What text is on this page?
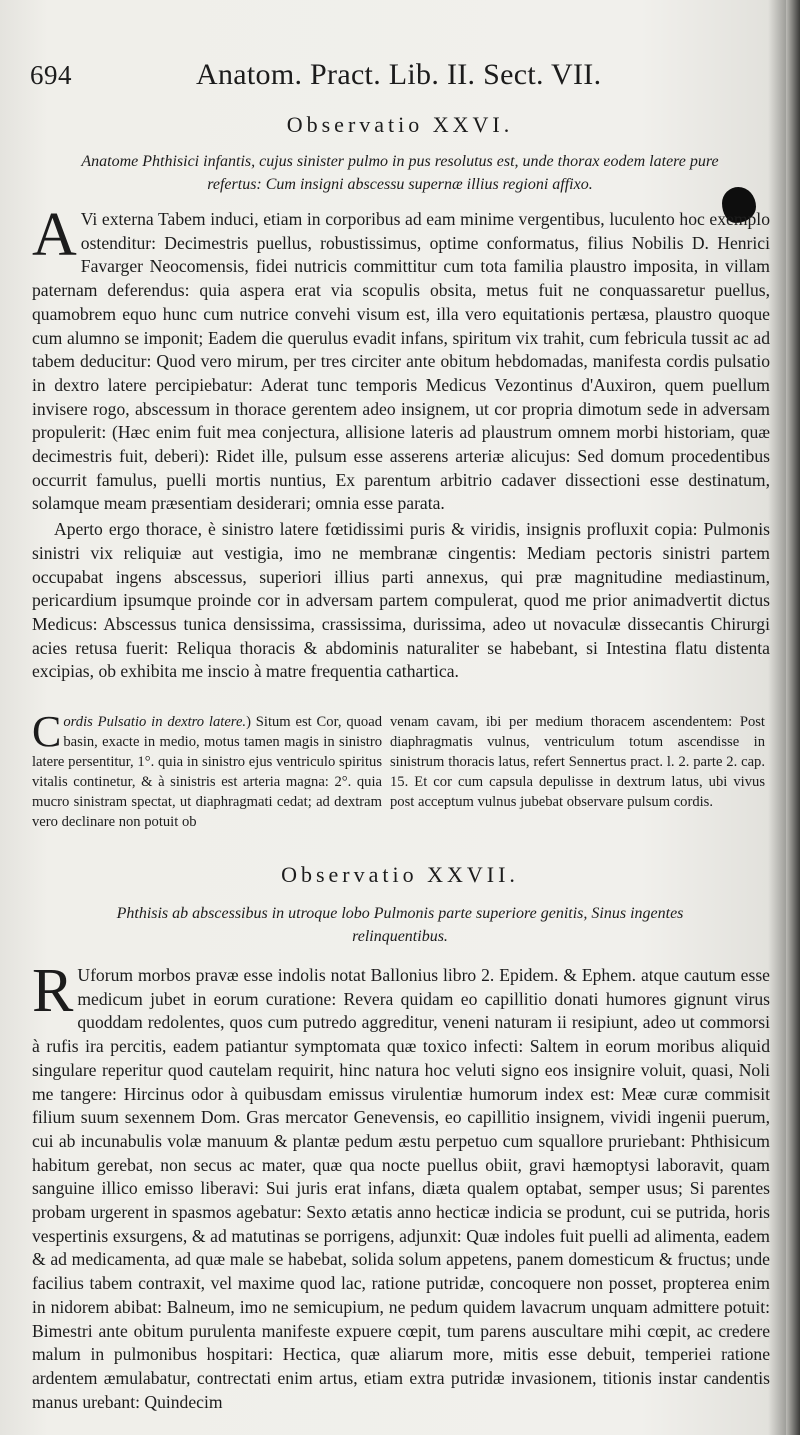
694	Anatom. Pract. Lib. II. Sect. VII.
Observatio XXVI.
Anatome Phthisici infantis, cujus sinister pulmo in pus resolutus est, unde thorax eodem latere pure refertus: Cum insigni abscessu supernæ illius regioni affixo.

A Vi externa Tabem induci, etiam in corporibus ad eam minime vergentibus, luculento hoc exemplo ostenditur: Decimestris puellus, robustissimus, optime conformatus, filius Nobilis D. Henrici Favarger Neocomensis, fidei nutricis committitur cum tota familia plaustro imposita, in villam paternam deferendus: quia aspera erat via scopulis obsita, metus fuit ne conquassaretur puellus, quamobrem equo hunc cum nutrice convehi visum est, illa vero equitationis pertæsa, plaustro quoque cum alumno se imponit; Eadem die querulus evadit infans, spiritum vix trahit, cum febricula tussit ac ad tabem deducitur: Quod vero mirum, per tres circiter ante obitum hebdomadas, manifesta cordis pulsatio in dextro latere percipiebatur: Aderat tunc temporis Medicus Vezontinus d'Auxiron, quem puellum invisere rogo, abscessum in thorace gerentem adeo insignem, ut cor propria dimotum sede in adversam propulerit: (Hæc enim fuit mea conjectura, allisione lateris ad plaustrum omnem morbi historiam, quæ decimestris fuit, deberi): Ridet ille, pulsum esse asserens arteriæ alicujus: Sed domum procedentibus occurrit famulus, puelli mortis nuntius, Ex parentum arbitrio cadaver dissectioni esse destinatum, solamque meam præsentiam desiderari; omnia esse parata.

Aperto ergo thorace, è sinistro latere fœtidissimi puris & viridis, insignis profluxit copia: Pulmonis sinistri vix reliquiæ aut vestigia, imo ne membranæ cingentis: Mediam pectoris sinistri partem occupabat ingens abscessus, superiori illius parti annexus, qui præ magnitudine mediastinum, pericardium ipsumque proinde cor in adversam partem compulerat, quod me prior animadvertit dictus Medicus: Abscessus tunica densissima, crassissima, durissima, adeo ut novaculæ dissecantis Chirurgi acies retusa fuerit: Reliqua thoracis & abdominis naturaliter se habebant, si Intestina flatu distenta excipias, ob exhibita me inscio à matre frequentia cathartica.

Cordis Pulsatio in dextro latere.) Situm est Cor, quoad basin, exacte in medio, motus tamen magis in sinistro latere persentitur, 1°. quia in sinistro ejus ventriculo spiritus vitalis continetur, & à sinistris est arteria magna: 2°. quia mucro sinistram spectat, ut diaphragmati cedat; ad dextram vero declinare non potuit ob
venam cavam, ibi per medium thoracem ascendentem: Post diaphragmatis vulnus, ventriculum totum ascendisse in sinistrum thoracis latus, refert Sennertus pract. l. 2. parte 2. cap. 15. Et cor cum capsula depulisse in dextrum latus, ubi vivus post acceptum vulnus jubebat observare pulsum cordis.
Observatio XXVII.
Phthisis ab abscessibus in utroque lobo Pulmonis parte superiore genitis, Sinus ingentes relinquentibus.

R Uforum morbos pravæ esse indolis notat Ballonius libro 2. Epidem. & Ephem. atque cautum esse medicum jubet in eorum curatione: Revera quidam eo capillitio donati humores gignunt virus quoddam redolentes, quos cum putredo aggreditur, veneni naturam ii resipiunt, adeo ut commorsi à rufis ira percitis, eadem patiantur symptomata quæ toxico infecti: Saltem in eorum moribus aliquid singulare reperitur quod cautelam requirit, hinc natura hoc veluti signo eos insignire voluit, quasi, Noli me tangere: Hircinus odor à quibusdam emissus virulentiæ humorum index est: Meæ curæ commisit filium suum sexennem Dom. Gras mercator Genevensis, eo capillitio insignem, vividi ingenii puerum, cui ab incunabulis volæ manuum & plantæ pedum æstu perpetuo cum squallore pruriebant: Phthisicum habitum gerebat, non secus ac mater, quæ qua nocte puellus obiit, gravi hæmoptysi laboravit, quam sanguine illico emisso liberavi: Sui juris erat infans, diæta qualem optabat, semper usus; Si parentes probam urgerent in spasmos agebatur: Sexto ætatis anno hecticæ indicia se produnt, cui se putrida, horis vespertinis exsurgens, & ad matutinas se porrigens, adjunxit: Quæ indoles fuit puelli ad alimenta, eadem & ad medicamenta, ad quæ male se habebat, solida solum appetens, panem domesticum & fructus; unde facilius tabem contraxit, vel maxime quod lac, ratione putridæ, concoquere non posset, propterea enim in nidorem abibat: Balneum, imo ne semicupium, ne pedum quidem lavacrum unquam admittere potuit: Bimestri ante obitum purulenta manifeste expuere cœpit, tum parens auscultare mihi cœpit, ac credere malum in pulmonibus hospitari: Hectica, quæ aliarum more, mitis esse debuit, temperiei ratione ardentem æmulabatur, contrectati enim artus, etiam extra putridæ invasionem, titionis instar candentis manus urebant: Quindecim
